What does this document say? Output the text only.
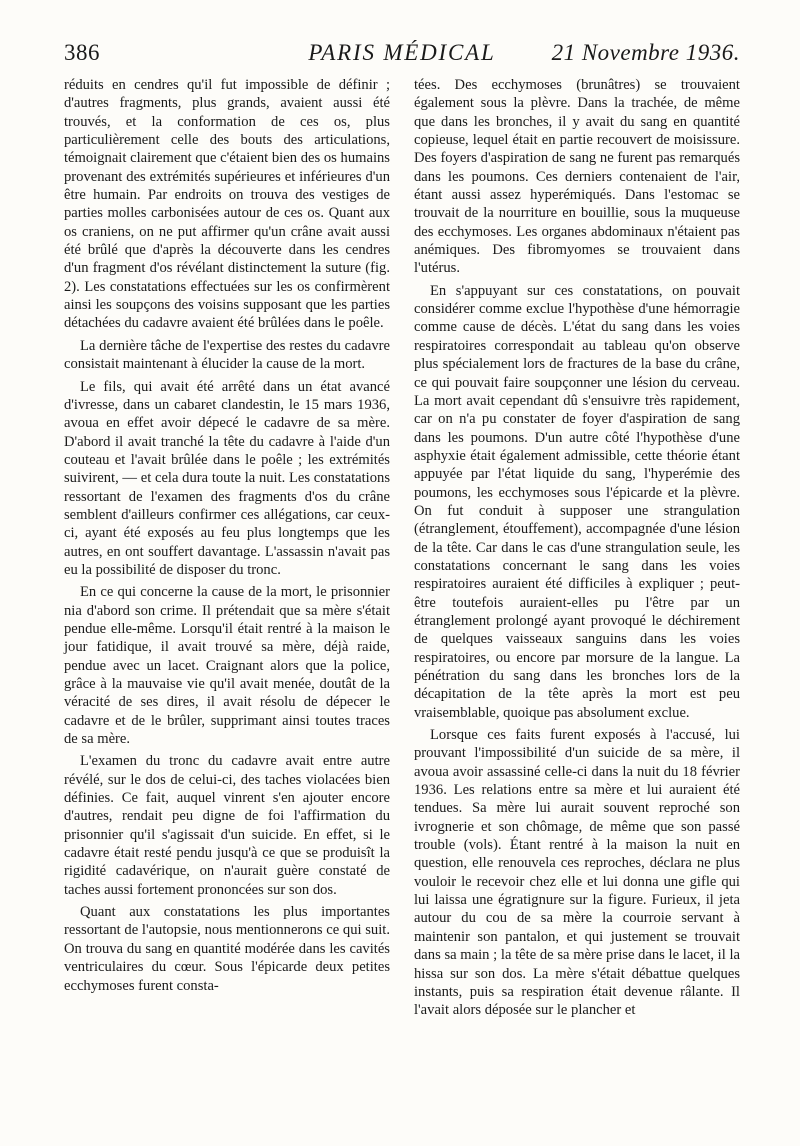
386	PARIS MÉDICAL	21 Novembre 1936.

réduits en cendres qu'il fut impossible de définir ; d'autres fragments, plus grands, avaient aussi été trouvés, et la conformation de ces os, plus particulièrement celle des bouts des articulations, témoignait clairement que c'étaient bien des os humains provenant des extrémités supérieures et inférieures d'un être humain. Par endroits on trouva des vestiges de parties molles carbonisées autour de ces os. Quant aux os craniens, on ne put affirmer qu'un crâne avait aussi été brûlé que d'après la découverte dans les cendres d'un fragment d'os révélant distinctement la suture (fig. 2). Les constatations effectuées sur les os confirmèrent ainsi les soupçons des voisins supposant que les parties détachées du cadavre avaient été brûlées dans le poêle.

La dernière tâche de l'expertise des restes du cadavre consistait maintenant à élucider la cause de la mort.

Le fils, qui avait été arrêté dans un état avancé d'ivresse, dans un cabaret clandestin, le 15 mars 1936, avoua en effet avoir dépecé le cadavre de sa mère. D'abord il avait tranché la tête du cadavre à l'aide d'un couteau et l'avait brûlée dans le poêle ; les extrémités suivirent, — et cela dura toute la nuit. Les constatations ressortant de l'examen des fragments d'os du crâne semblent d'ailleurs confirmer ces allégations, car ceux-ci, ayant été exposés au feu plus longtemps que les autres, en ont souffert davantage. L'assassin n'avait pas eu la possibilité de disposer du tronc.

En ce qui concerne la cause de la mort, le prisonnier nia d'abord son crime. Il prétendait que sa mère s'était pendue elle-même. Lorsqu'il était rentré à la maison le jour fatidique, il avait trouvé sa mère, déjà raide, pendue avec un lacet. Craignant alors que la police, grâce à la mauvaise vie qu'il avait menée, doutât de la véracité de ses dires, il avait résolu de dépecer le cadavre et de le brûler, supprimant ainsi toutes traces de sa mère.

L'examen du tronc du cadavre avait entre autre révélé, sur le dos de celui-ci, des taches violacées bien définies. Ce fait, auquel vinrent s'en ajouter encore d'autres, rendait peu digne de foi l'affirmation du prisonnier qu'il s'agissait d'un suicide. En effet, si le cadavre était resté pendu jusqu'à ce que se produisît la rigidité cadavérique, on n'aurait guère constaté de taches aussi fortement prononcées sur son dos.

Quant aux constatations les plus importantes ressortant de l'autopsie, nous mentionnerons ce qui suit. On trouva du sang en quantité modérée dans les cavités ventriculaires du cœur. Sous l'épicarde deux petites ecchymoses furent consta-

tées. Des ecchymoses (brunâtres) se trouvaient également sous la plèvre. Dans la trachée, de même que dans les bronches, il y avait du sang en quantité copieuse, lequel était en partie recouvert de moisissure. Des foyers d'aspiration de sang ne furent pas remarqués dans les poumons. Ces derniers contenaient de l'air, étant aussi assez hyperémiqués. Dans l'estomac se trouvait de la nourriture en bouillie, sous la muqueuse des ecchymoses. Les organes abdominaux n'étaient pas anémiques. Des fibromyomes se trouvaient dans l'utérus.

En s'appuyant sur ces constatations, on pouvait considérer comme exclue l'hypothèse d'une hémorragie comme cause de décès. L'état du sang dans les voies respiratoires correspondait au tableau qu'on observe plus spécialement lors de fractures de la base du crâne, ce qui pouvait faire soupçonner une lésion du cerveau. La mort avait cependant dû s'ensuivre très rapidement, car on n'a pu constater de foyer d'aspiration de sang dans les poumons. D'un autre côté l'hypothèse d'une asphyxie était également admissible, cette théorie étant appuyée par l'état liquide du sang, l'hyperémie des poumons, les ecchymoses sous l'épicarde et la plèvre. On fut conduit à supposer une strangulation (étranglement, étouffement), accompagnée d'une lésion de la tête. Car dans le cas d'une strangulation seule, les constatations concernant le sang dans les voies respiratoires auraient été difficiles à expliquer ; peut-être toutefois auraient-elles pu l'être par un étranglement prolongé ayant provoqué le déchirement de quelques vaisseaux sanguins dans les voies respiratoires, ou encore par morsure de la langue. La pénétration du sang dans les bronches lors de la décapitation de la tête après la mort est peu vraisemblable, quoique pas absolument exclue.

Lorsque ces faits furent exposés à l'accusé, lui prouvant l'impossibilité d'un suicide de sa mère, il avoua avoir assassiné celle-ci dans la nuit du 18 février 1936. Les relations entre sa mère et lui auraient été tendues. Sa mère lui aurait souvent reproché son ivrognerie et son chômage, de même que son passé trouble (vols). Étant rentré à la maison la nuit en question, elle renouvela ces reproches, déclara ne plus vouloir le recevoir chez elle et lui donna une gifle qui lui laissa une égratignure sur la figure. Furieux, il jeta autour du cou de sa mère la courroie servant à maintenir son pantalon, et qui justement se trouvait dans sa main ; la tête de sa mère prise dans le lacet, il la hissa sur son dos. La mère s'était débattue quelques instants, puis sa respiration était devenue râlante. Il l'avait alors déposée sur le plancher et
